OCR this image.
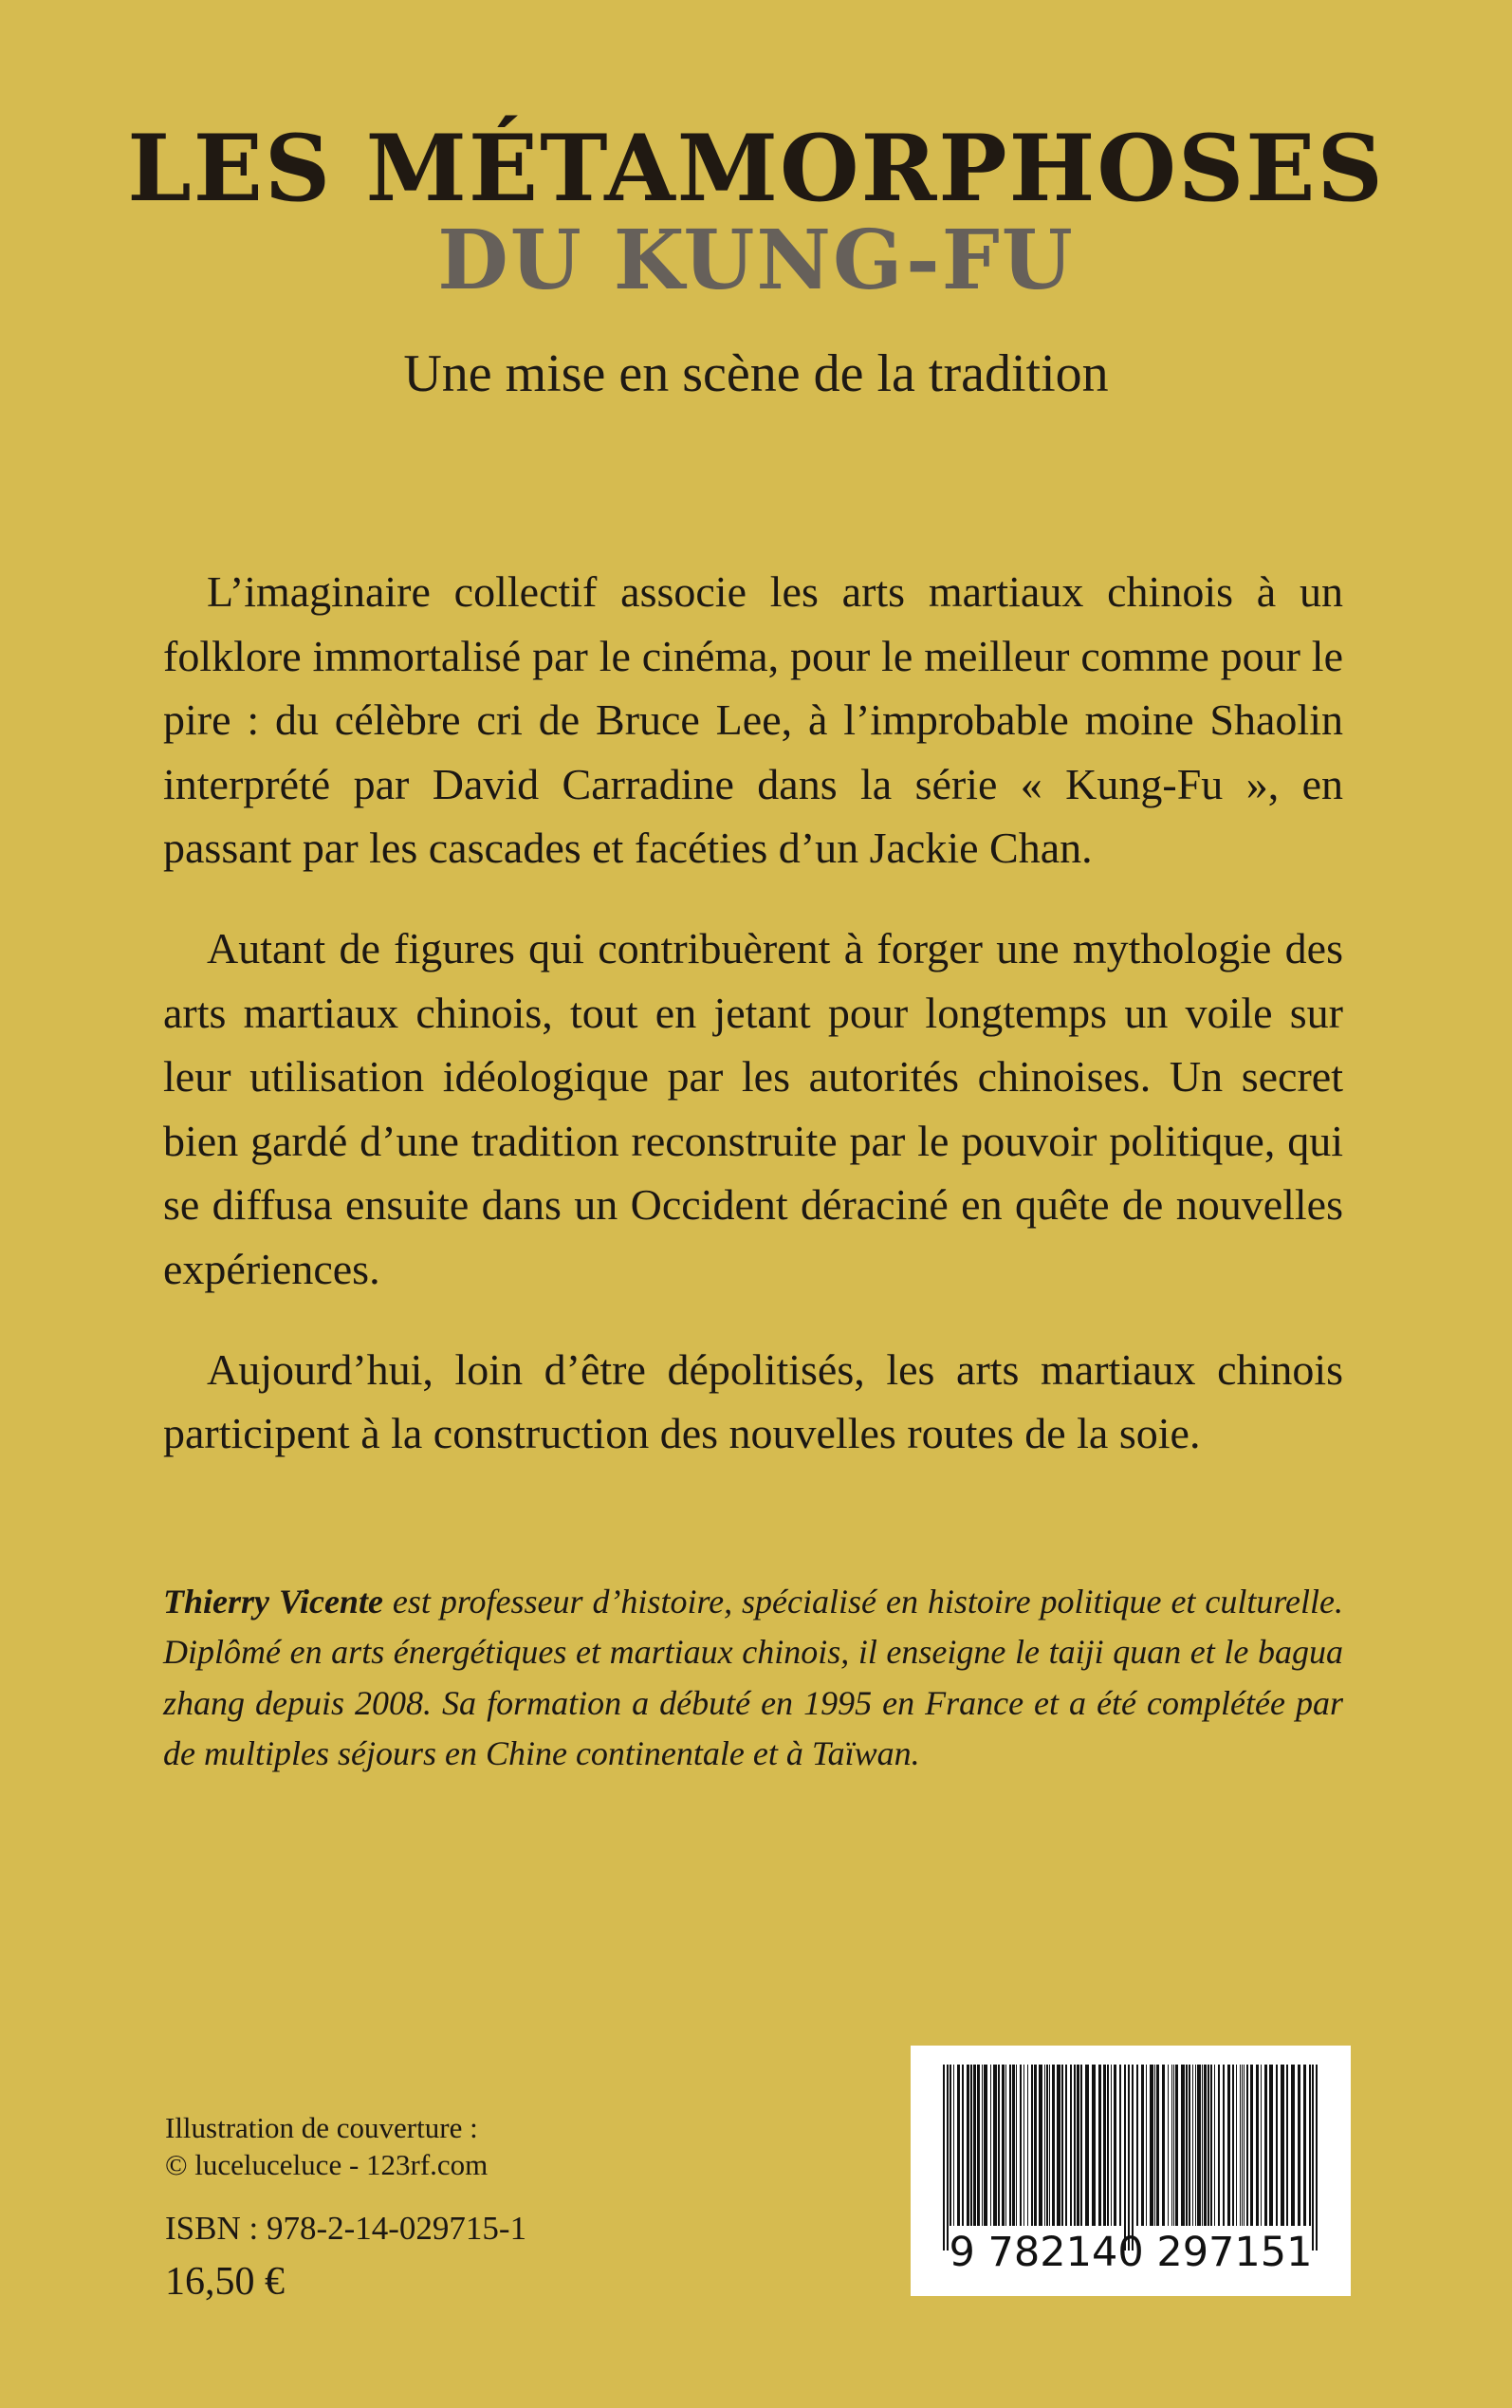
LES MÉTAMORPHOSES
DU KUNG-FU
Une mise en scène de la tradition

L’imaginaire collectif associe les arts martiaux chinois à un folklore immortalisé par le cinéma, pour le meilleur comme pour le pire : du célèbre cri de Bruce Lee, à l’improbable moine Shaolin interprété par David Carradine dans la série « Kung-Fu », en passant par les cascades et facéties d’un Jackie Chan.

Autant de figures qui contribuèrent à forger une mythologie des arts martiaux chinois, tout en jetant pour longtemps un voile sur leur utilisation idéologique par les autorités chinoises. Un secret bien gardé d’une tradition reconstruite par le pouvoir politique, qui se diffusa ensuite dans un Occident déraciné en quête de nouvelles expériences.

Aujourd’hui, loin d’être dépolitisés, les arts martiaux chinois participent à la construction des nouvelles routes de la soie.

Thierry Vicente est professeur d’histoire, spécialisé en histoire politique et culturelle. Diplômé en arts énergétiques et martiaux chinois, il enseigne le taiji quan et le bagua zhang depuis 2008. Sa formation a débuté en 1995 en France et a été complétée par de multiples séjours en Chine continentale et à Taïwan.
Illustration de couverture :
© luceluceluce - 123rf.com
ISBN : 978-2-14-029715-1
16,50 €
9 782140 297151
